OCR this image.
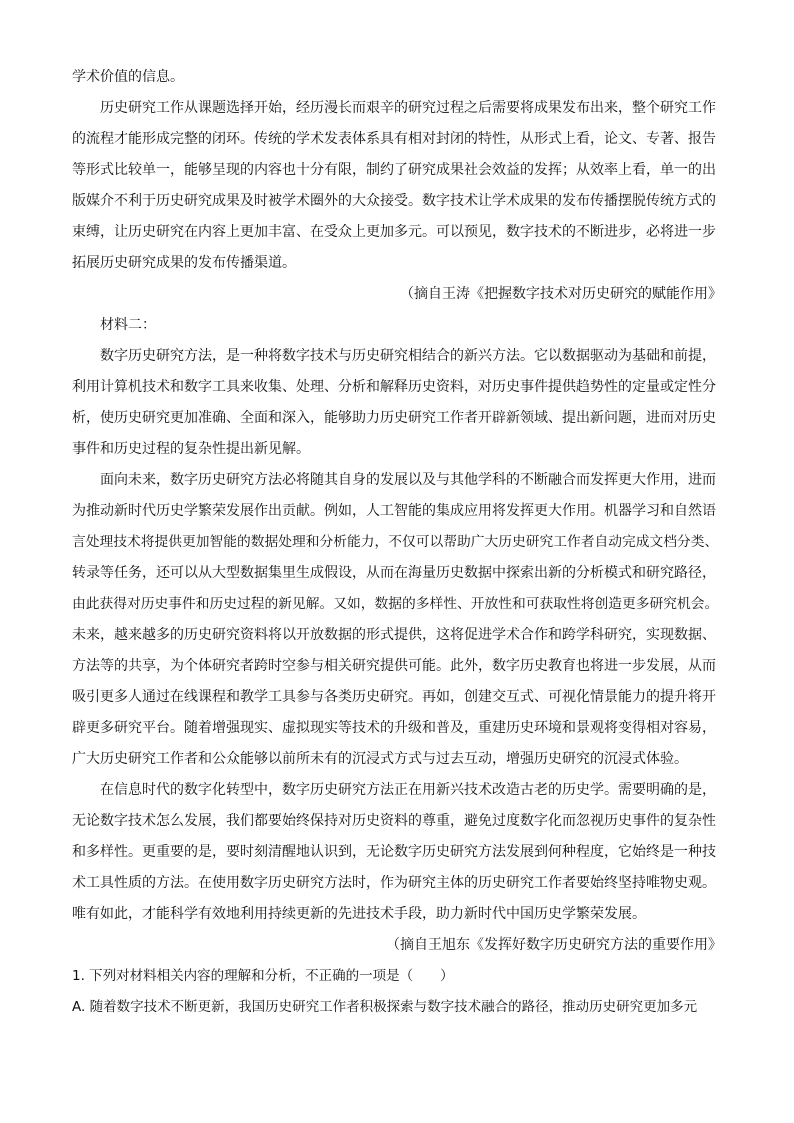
学术价值的信息。
历史研究工作从课题选择开始，经历漫长而艰辛的研究过程之后需要将成果发布出来，整个研究工作
的流程才能形成完整的闭环。传统的学术发表体系具有相对封闭的特性，从形式上看，论文、专著、报告
等形式比较单一，能够呈现的内容也十分有限，制约了研究成果社会效益的发挥；从效率上看，单一的出
版媒介不利于历史研究成果及时被学术圈外的大众接受。数字技术让学术成果的发布传播摆脱传统方式的
束缚，让历史研究在内容上更加丰富、在受众上更加多元。可以预见，数字技术的不断进步，必将进一步
拓展历史研究成果的发布传播渠道。
（摘自王涛《把握数字技术对历史研究的赋能作用》
材料二：
数字历史研究方法，是一种将数字技术与历史研究相结合的新兴方法。它以数据驱动为基础和前提，
利用计算机技术和数字工具来收集、处理、分析和解释历史资料，对历史事件提供趋势性的定量或定性分
析，使历史研究更加准确、全面和深入，能够助力历史研究工作者开辟新领域、提出新问题，进而对历史
事件和历史过程的复杂性提出新见解。
面向未来，数字历史研究方法必将随其自身的发展以及与其他学科的不断融合而发挥更大作用，进而
为推动新时代历史学繁荣发展作出贡献。例如，人工智能的集成应用将发挥更大作用。机器学习和自然语
言处理技术将提供更加智能的数据处理和分析能力，不仅可以帮助广大历史研究工作者自动完成文档分类、
转录等任务，还可以从大型数据集里生成假设，从而在海量历史数据中探索出新的分析模式和研究路径，
由此获得对历史事件和历史过程的新见解。又如，数据的多样性、开放性和可获取性将创造更多研究机会。
未来，越来越多的历史研究资料将以开放数据的形式提供，这将促进学术合作和跨学科研究，实现数据、
方法等的共享，为个体研究者跨时空参与相关研究提供可能。此外，数字历史教育也将进一步发展，从而
吸引更多人通过在线课程和教学工具参与各类历史研究。再如，创建交互式、可视化情景能力的提升将开
辟更多研究平台。随着增强现实、虚拟现实等技术的升级和普及，重建历史环境和景观将变得相对容易，
广大历史研究工作者和公众能够以前所未有的沉浸式方式与过去互动，增强历史研究的沉浸式体验。
在信息时代的数字化转型中，数字历史研究方法正在用新兴技术改造古老的历史学。需要明确的是，
无论数字技术怎么发展，我们都要始终保持对历史资料的尊重，避免过度数字化而忽视历史事件的复杂性
和多样性。更重要的是，要时刻清醒地认识到，无论数字历史研究方法发展到何种程度，它始终是一种技
术工具性质的方法。在使用数字历史研究方法时，作为研究主体的历史研究工作者要始终坚持唯物史观。
唯有如此，才能科学有效地利用持续更新的先进技术手段，助力新时代中国历史学繁荣发展。
（摘自王旭东《发挥好数字历史研究方法的重要作用》
1. 下列对材料相关内容的理解和分析，不正确的一项是（　　）
A. 随着数字技术不断更新，我国历史研究工作者积极探索与数字技术融合的路径，推动历史研究更加多元
